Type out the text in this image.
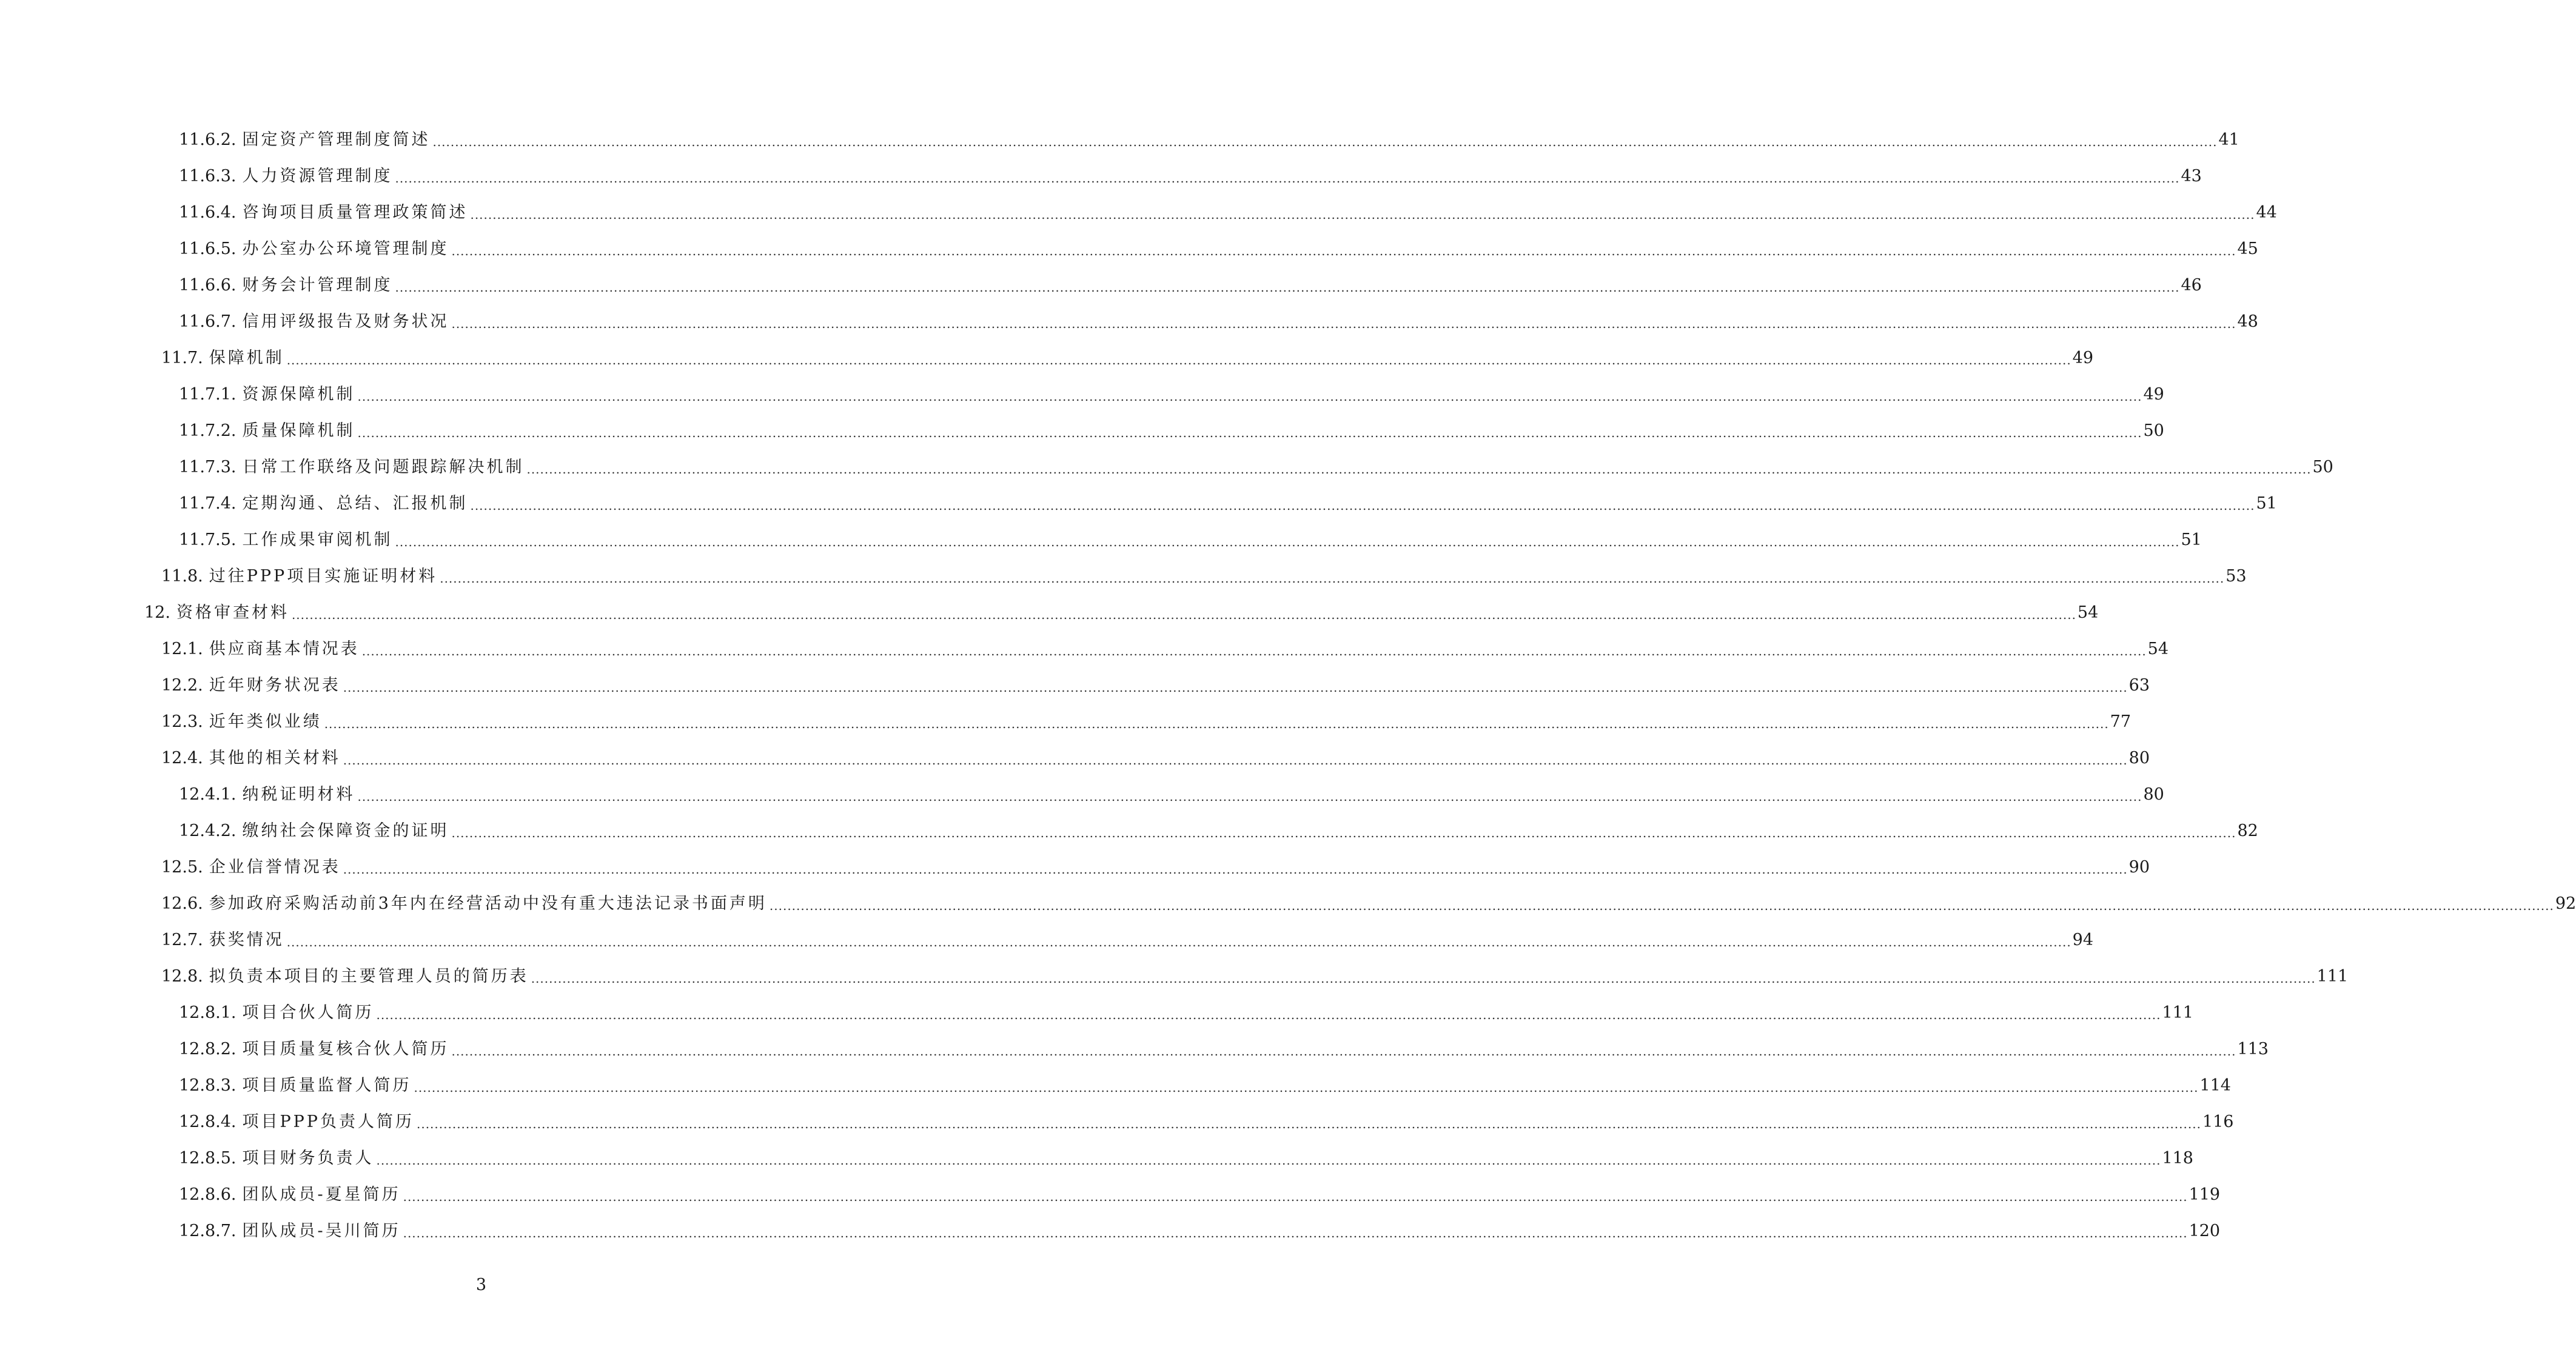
11.6.2. 固定资产管理制度简述 ................................................................................................................................................................................................................................................................................................................................................................................................................ 41
11.6.3. 人力资源管理制度 ................................................................................................................................................................................................................................................................................................................................................................................................................ 43
11.6.4. 咨询项目质量管理政策简述 ................................................................................................................................................................................................................................................................................................................................................................................................................ 44
11.6.5. 办公室办公环境管理制度 ................................................................................................................................................................................................................................................................................................................................................................................................................ 45
11.6.6. 财务会计管理制度 ................................................................................................................................................................................................................................................................................................................................................................................................................ 46
11.6.7. 信用评级报告及财务状况 ................................................................................................................................................................................................................................................................................................................................................................................................................ 48
11.7. 保障机制 ................................................................................................................................................................................................................................................................................................................................................................................................................ 49
11.7.1. 资源保障机制 ................................................................................................................................................................................................................................................................................................................................................................................................................ 49
11.7.2. 质量保障机制 ................................................................................................................................................................................................................................................................................................................................................................................................................ 50
11.7.3. 日常工作联络及问题跟踪解决机制 ................................................................................................................................................................................................................................................................................................................................................................................................................ 50
11.7.4. 定期沟通、总结、汇报机制 ................................................................................................................................................................................................................................................................................................................................................................................................................ 51
11.7.5. 工作成果审阅机制 ................................................................................................................................................................................................................................................................................................................................................................................................................ 51
11.8. 过往PPP项目实施证明材料 ................................................................................................................................................................................................................................................................................................................................................................................................................ 53
12. 资格审查材料 ................................................................................................................................................................................................................................................................................................................................................................................................................ 54
12.1. 供应商基本情况表 ................................................................................................................................................................................................................................................................................................................................................................................................................ 54
12.2. 近年财务状况表 ................................................................................................................................................................................................................................................................................................................................................................................................................ 63
12.3. 近年类似业绩 ................................................................................................................................................................................................................................................................................................................................................................................................................ 77
12.4. 其他的相关材料 ................................................................................................................................................................................................................................................................................................................................................................................................................ 80
12.4.1. 纳税证明材料 ................................................................................................................................................................................................................................................................................................................................................................................................................ 80
12.4.2. 缴纳社会保障资金的证明 ................................................................................................................................................................................................................................................................................................................................................................................................................ 82
12.5. 企业信誉情况表 ................................................................................................................................................................................................................................................................................................................................................................................................................ 90
12.6. 参加政府采购活动前3年内在经营活动中没有重大违法记录书面声明 ................................................................................................................................................................................................................................................................................................................................................................................................................ 92
12.7. 获奖情况 ................................................................................................................................................................................................................................................................................................................................................................................................................ 94
12.8. 拟负责本项目的主要管理人员的简历表 ................................................................................................................................................................................................................................................................................................................................................................................................................ 111
12.8.1. 项目合伙人简历 ................................................................................................................................................................................................................................................................................................................................................................................................................ 111
12.8.2. 项目质量复核合伙人简历 ................................................................................................................................................................................................................................................................................................................................................................................................................ 113
12.8.3. 项目质量监督人简历 ................................................................................................................................................................................................................................................................................................................................................................................................................ 114
12.8.4. 项目PPP负责人简历 ................................................................................................................................................................................................................................................................................................................................................................................................................ 116
12.8.5. 项目财务负责人 ................................................................................................................................................................................................................................................................................................................................................................................................................ 118
12.8.6. 团队成员-夏星简历 ................................................................................................................................................................................................................................................................................................................................................................................................................ 119
12.8.7. 团队成员-吴川简历 ................................................................................................................................................................................................................................................................................................................................................................................................................ 120
3
